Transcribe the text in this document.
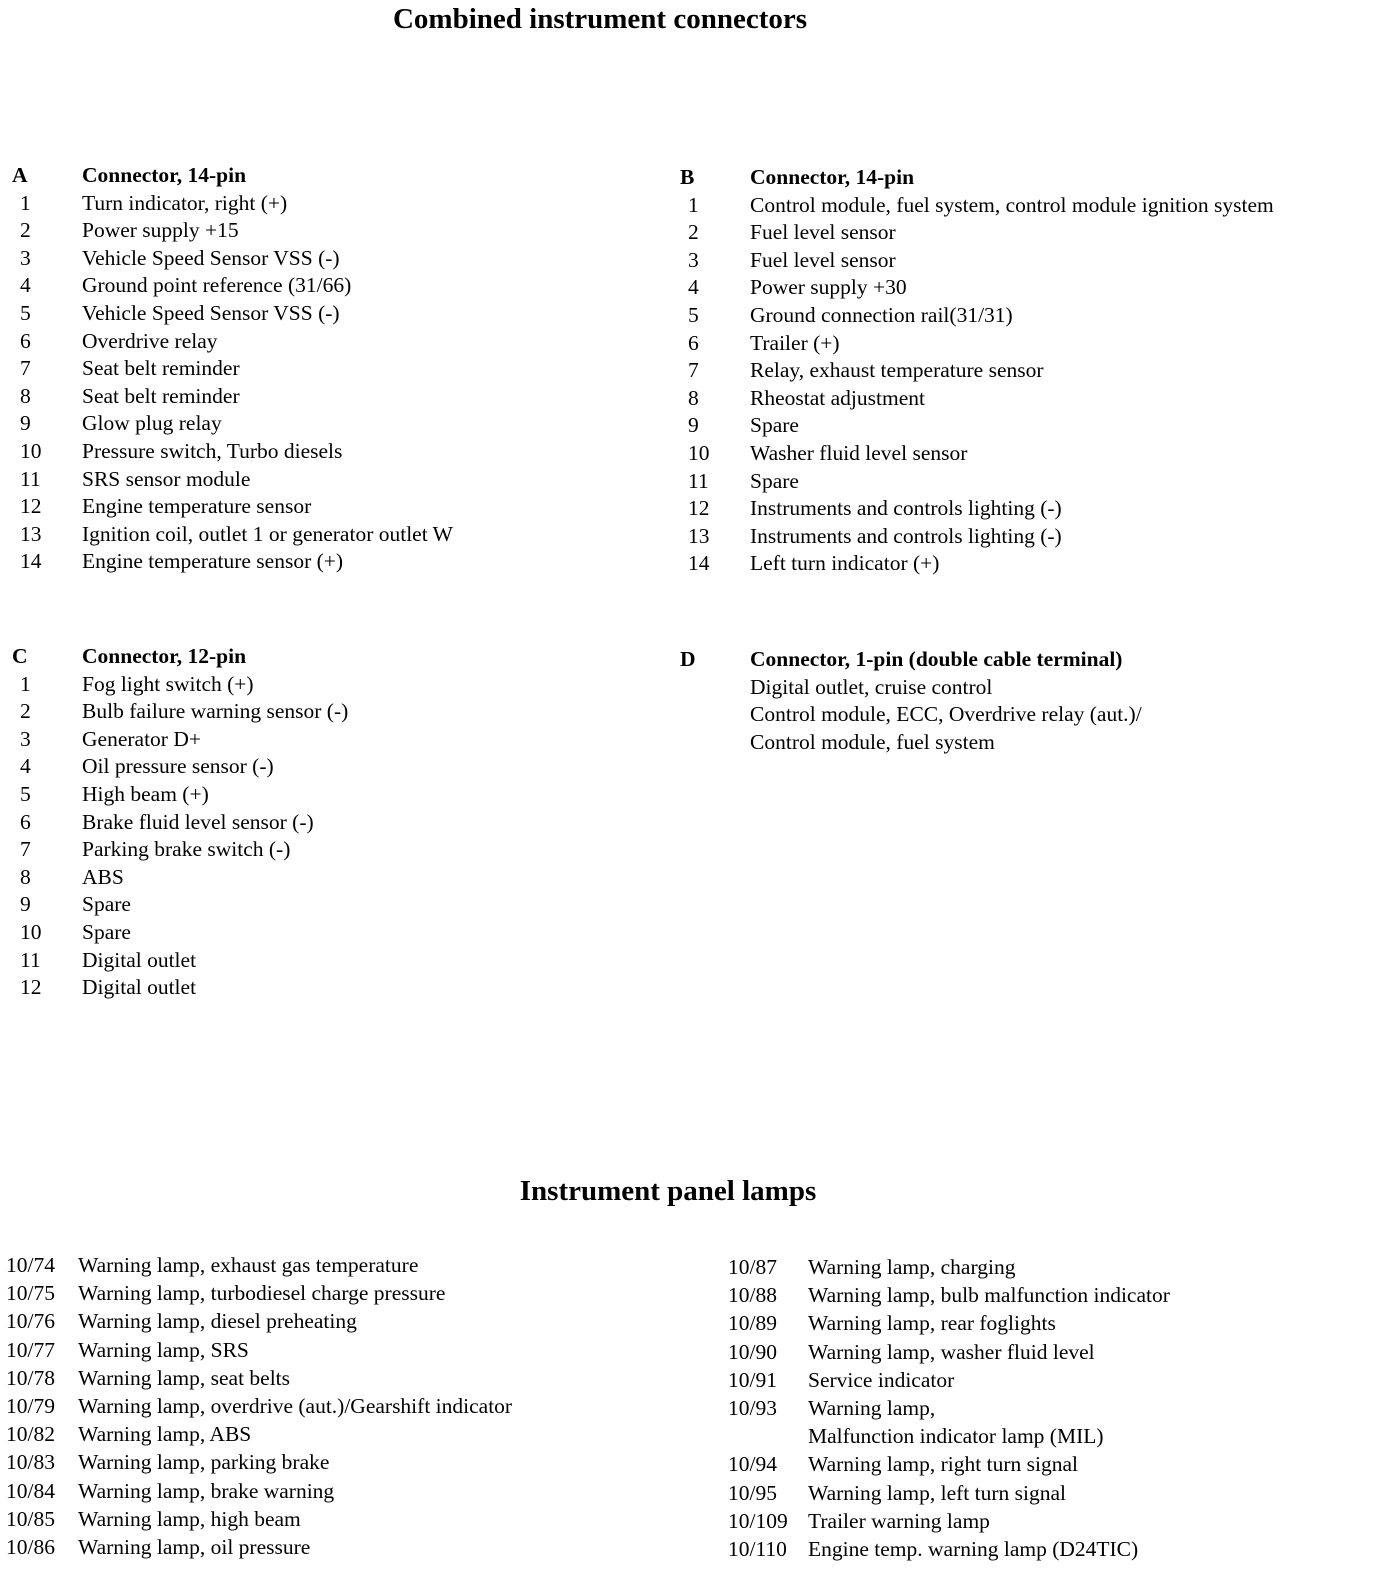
Combined instrument connectors
A	Connector, 14-pin
1	Turn indicator, right (+)
2	Power supply +15
3	Vehicle Speed Sensor VSS (-)
4	Ground point reference (31/66)
5	Vehicle Speed Sensor VSS (-)
6	Overdrive relay
7	Seat belt reminder
8	Seat belt reminder
9	Glow plug relay
10	Pressure switch, Turbo diesels
11	SRS sensor module
12	Engine temperature sensor
13	Ignition coil, outlet 1 or generator outlet W
14	Engine temperature sensor (+)
B	Connector, 14-pin
1	Control module, fuel system, control module ignition system
2	Fuel level sensor
3	Fuel level sensor
4	Power supply +30
5	Ground connection rail(31/31)
6	Trailer (+)
7	Relay, exhaust temperature sensor
8	Rheostat adjustment
9	Spare
10	Washer fluid level sensor
11	Spare
12	Instruments and controls lighting (-)
13	Instruments and controls lighting (-)
14	Left turn indicator (+)
C	Connector, 12-pin
1	Fog light switch (+)
2	Bulb failure warning sensor (-)
3	Generator D+
4	Oil pressure sensor (-)
5	High beam (+)
6	Brake fluid level sensor (-)
7	Parking brake switch (-)
8	ABS
9	Spare
10	Spare
11	Digital outlet
12	Digital outlet
D	Connector, 1-pin (double cable terminal)
Digital outlet, cruise control
Control module, ECC, Overdrive relay (aut.)/
Control module, fuel system
Instrument panel lamps
10/74	Warning lamp, exhaust gas temperature
10/75	Warning lamp, turbodiesel charge pressure
10/76	Warning lamp, diesel preheating
10/77	Warning lamp, SRS
10/78	Warning lamp, seat belts
10/79	Warning lamp, overdrive (aut.)/Gearshift indicator
10/82	Warning lamp, ABS
10/83	Warning lamp, parking brake
10/84	Warning lamp, brake warning
10/85	Warning lamp, high beam
10/86	Warning lamp, oil pressure
10/87	Warning lamp, charging
10/88	Warning lamp, bulb malfunction indicator
10/89	Warning lamp, rear foglights
10/90	Warning lamp, washer fluid level
10/91	Service indicator
10/93	Warning lamp,
Malfunction indicator lamp (MIL)
10/94	Warning lamp, right turn signal
10/95	Warning lamp, left turn signal
10/109 Trailer warning lamp
10/110 Engine temp. warning lamp (D24TIC)
